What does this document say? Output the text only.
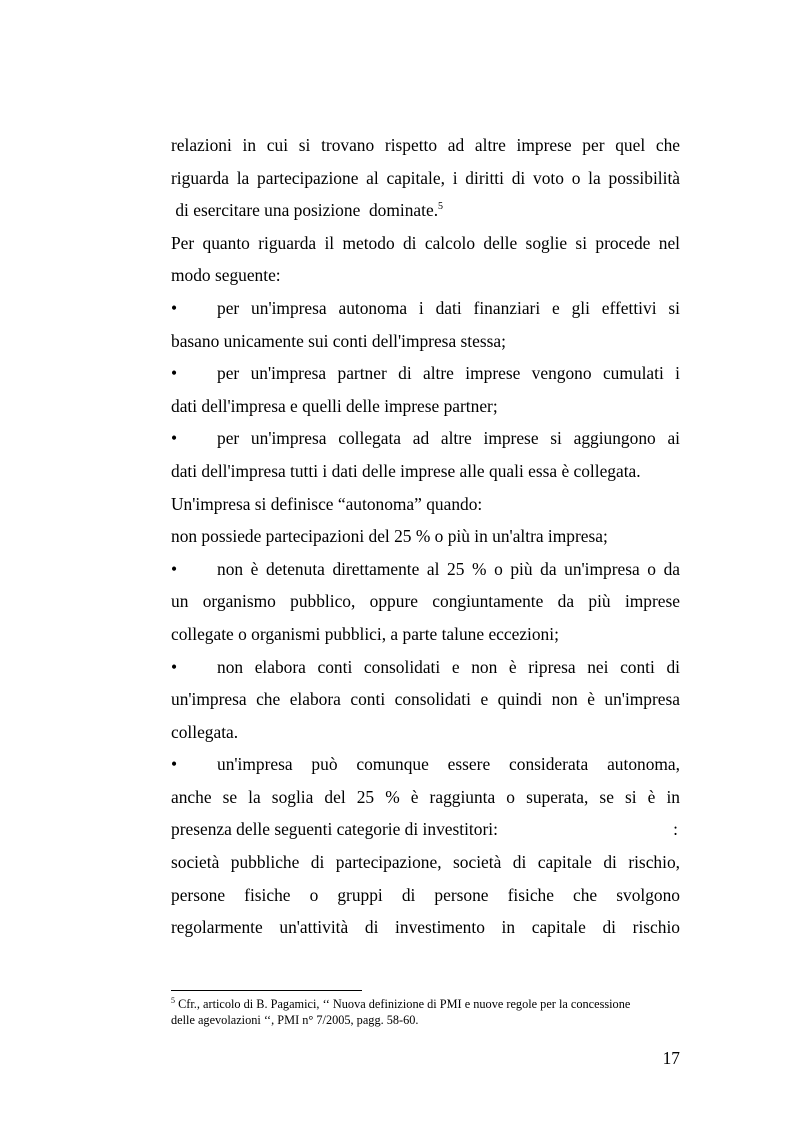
relazioni in cui si trovano rispetto ad altre imprese per quel che
riguarda la partecipazione al capitale, i diritti di voto o la possibilità
di esercitare una posizione  dominate.$^5$
Per quanto riguarda il metodo di calcolo delle soglie si procede nel
modo seguente:
• per un'impresa autonoma i dati finanziari e gli effettivi si
basano unicamente sui conti dell'impresa stessa;
• per un'impresa partner di altre imprese vengono cumulati i
dati dell'impresa e quelli delle imprese partner;
• per un'impresa collegata ad altre imprese si aggiungono ai
dati dell'impresa tutti i dati delle imprese alle quali essa è collegata.
Un'impresa si definisce “autonoma” quando:
non possiede partecipazioni del 25 % o più in un'altra impresa;
• non è detenuta direttamente al 25 % o più da un'impresa o da
un organismo pubblico, oppure congiuntamente da più imprese
collegate o organismi pubblici, a parte talune eccezioni;
• non elabora conti consolidati e non è ripresa nei conti di
un'impresa che elabora conti consolidati e quindi non è un'impresa
collegata.
• un'impresa può comunque essere considerata autonoma,
anche se la soglia del 25 % è raggiunta o superata, se si è in
presenza delle seguenti categorie di investitori:	:
società pubbliche di partecipazione, società di capitale di rischio,
persone fisiche o gruppi di persone fisiche che svolgono
regolarmente un'attività di investimento in capitale di rischio
$^5$ Cfr., articolo di B. Pagamici, ‘‘ Nuova definizione di PMI e nuove regole per la concessione
delle agevolazioni ‘‘, PMI n° 7/2005, pagg. 58-60.
17
